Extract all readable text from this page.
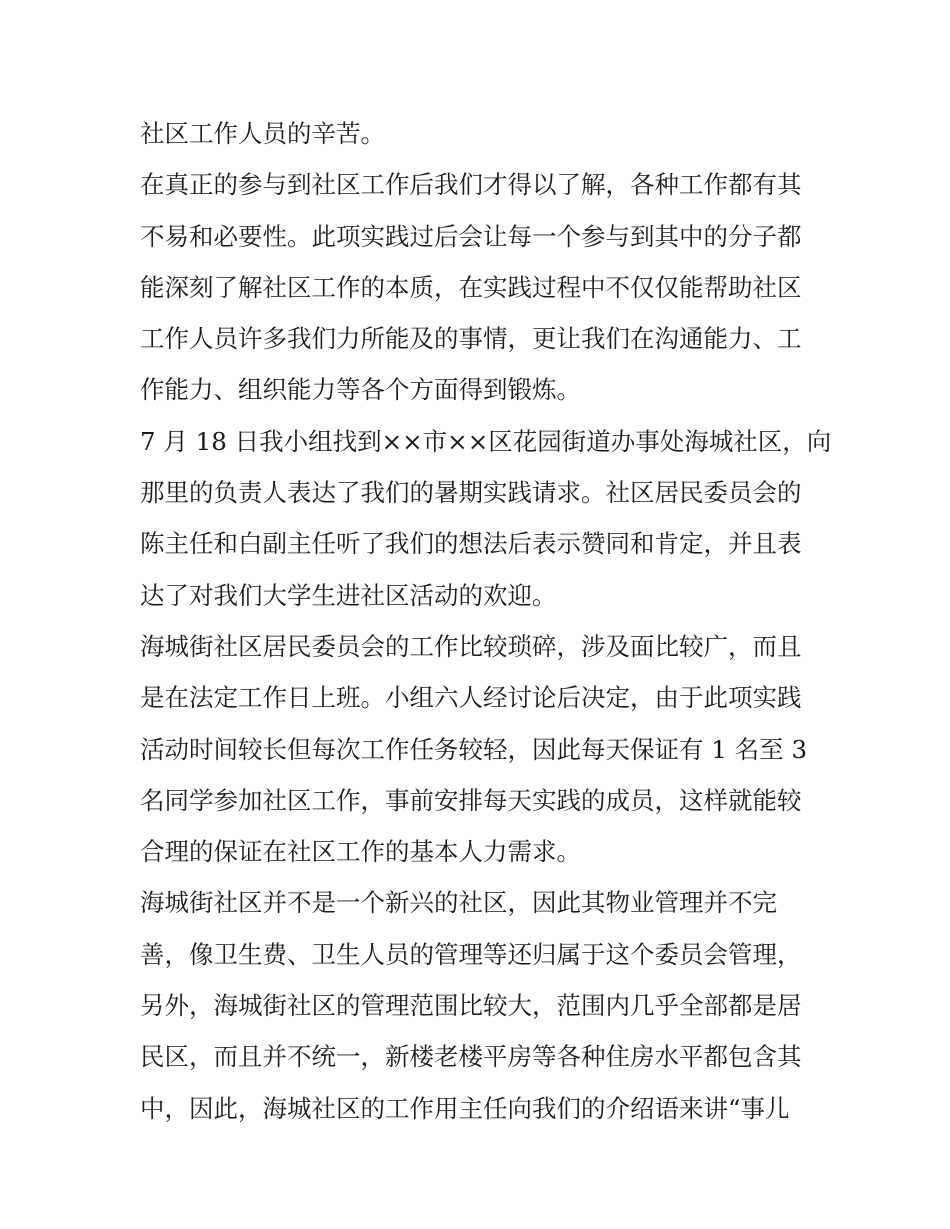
社区工作人员的辛苦。
在真正的参与到社区工作后我们才得以了解，各种工作都有其
不易和必要性。此项实践过后会让每一个参与到其中的分子都
能深刻了解社区工作的本质，在实践过程中不仅仅能帮助社区
工作人员许多我们力所能及的事情，更让我们在沟通能力、工
作能力、组织能力等各个方面得到锻炼。
7 月 18 日我小组找到××市××区花园街道办事处海城社区，向
那里的负责人表达了我们的暑期实践请求。社区居民委员会的
陈主任和白副主任听了我们的想法后表示赞同和肯定，并且表
达了对我们大学生进社区活动的欢迎。
海城街社区居民委员会的工作比较琐碎，涉及面比较广，而且
是在法定工作日上班。小组六人经讨论后决定，由于此项实践
活动时间较长但每次工作任务较轻，因此每天保证有 1 名至 3
名同学参加社区工作，事前安排每天实践的成员，这样就能较
合理的保证在社区工作的基本人力需求。
海城街社区并不是一个新兴的社区，因此其物业管理并不完
善，像卫生费、卫生人员的管理等还归属于这个委员会管理，
另外，海城街社区的管理范围比较大，范围内几乎全部都是居
民区，而且并不统一，新楼老楼平房等各种住房水平都包含其
中，因此，海城社区的工作用主任向我们的介绍语来讲“事儿
